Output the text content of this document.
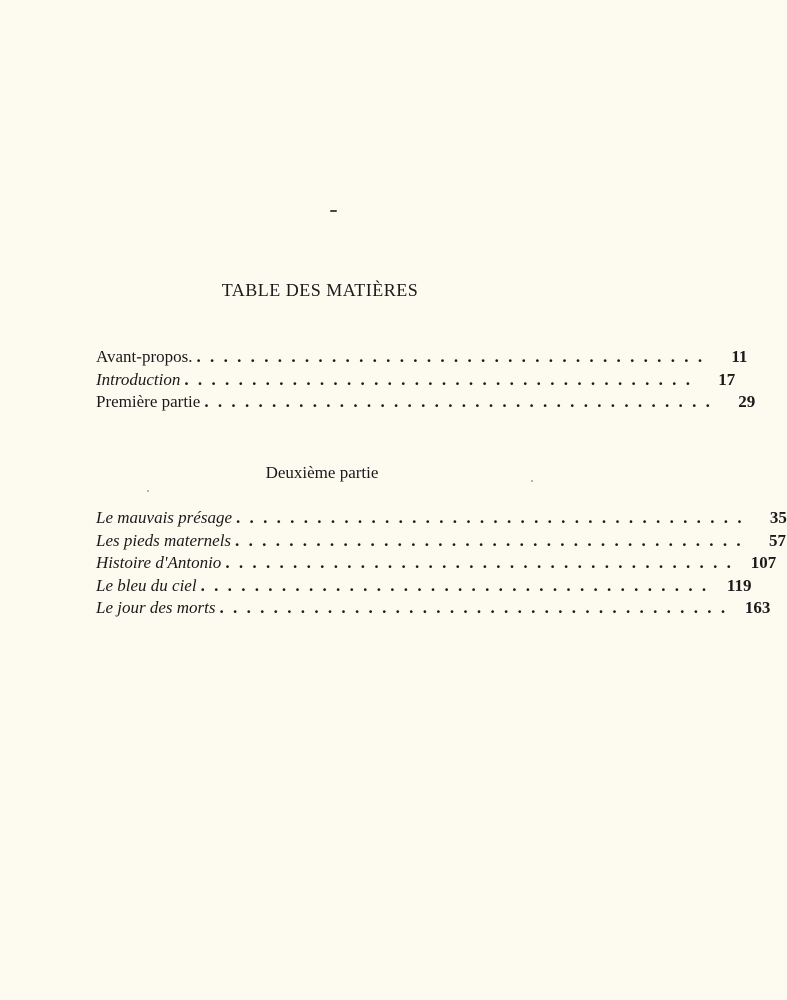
TABLE DES MATIÈRES
Avant-propos. ......................................	11
Introduction ......................................	17
Première partie ......................................	29
Deuxième partie
Le mauvais présage ......................................	35
Les pieds maternels ......................................	57
Histoire d'Antonio ...................................... 107
Le bleu du ciel ...................................... 119
Le jour des morts ...................................... 163
